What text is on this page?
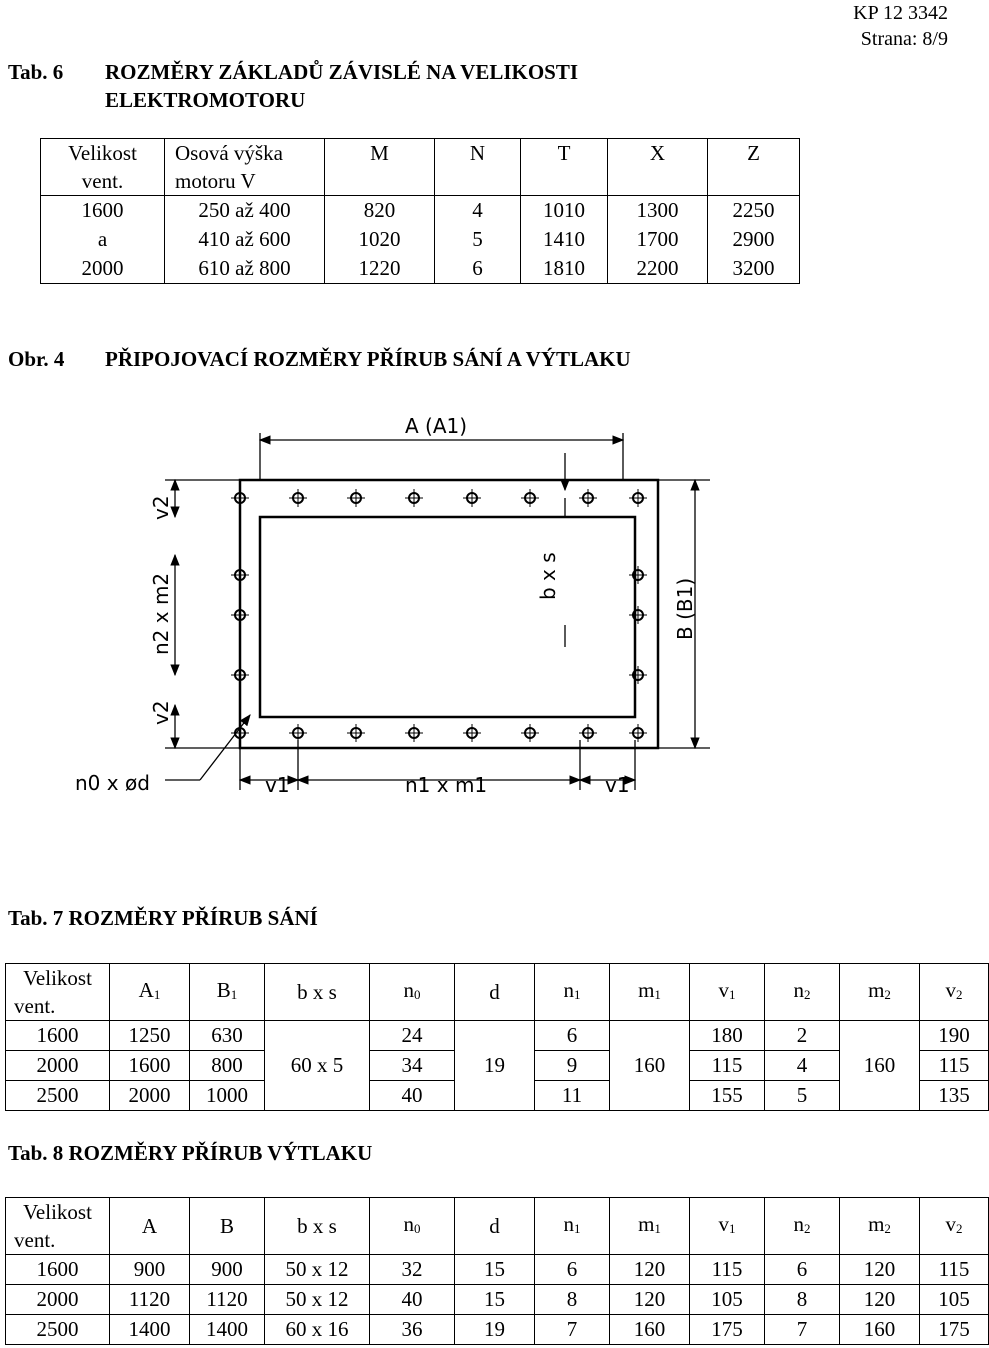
KP 12 3342
Strana: 8/9
Tab. 6 ROZMĚRY ZÁKLADŮ ZÁVISLÉ NA VELIKOSTI
ELEKTROMOTORU
Velikost	Osová výška	M	N	T	X	Z
vent.	motoru V					

1600	250 až 400	820	4	1010	1300	2250
a	410 až 600	1020	5	1410	1700	2900
2000	610 až 800	1220	6	1810	2200	3200
Obr. 4 PŘIPOJOVACÍ ROZMĚRY PŘÍRUB SÁNÍ A VÝTLAKU
A (A1)
b x s
B (B1)
v2
n2 x m2
v2
n0 x ød	v1	n1 x m1	v1
Tab. 7 ROZMĚRY PŘÍRUB SÁNÍ
Velikost
vent.	$A_1$	$B_1$	b x s	$n_0$	d	$n_1$	$m_1$	$v_1$	$n_2$	$m_2$	$v_2$
1600	1250	630	60 x 5	24	19	6	160	180	2	160	190
2000	1600	800		34		9		115	4		115
2500	2000	1000		40		11		155	5		135
Tab. 8 ROZMĚRY PŘÍRUB VÝTLAKU
Velikost
vent.	A	B	b x s	$n_0$	d	$n_1$	$m_1$	$v_1$	$n_2$	$m_2$	$v_2$
1600	900	900	50 x 12	32	15	6	120	115	6	120	115
2000	1120	1120	50 x 12	40	15	8	120	105	8	120	105
2500	1400	1400	60 x 16	36	19	7	160	175	7	160	175
